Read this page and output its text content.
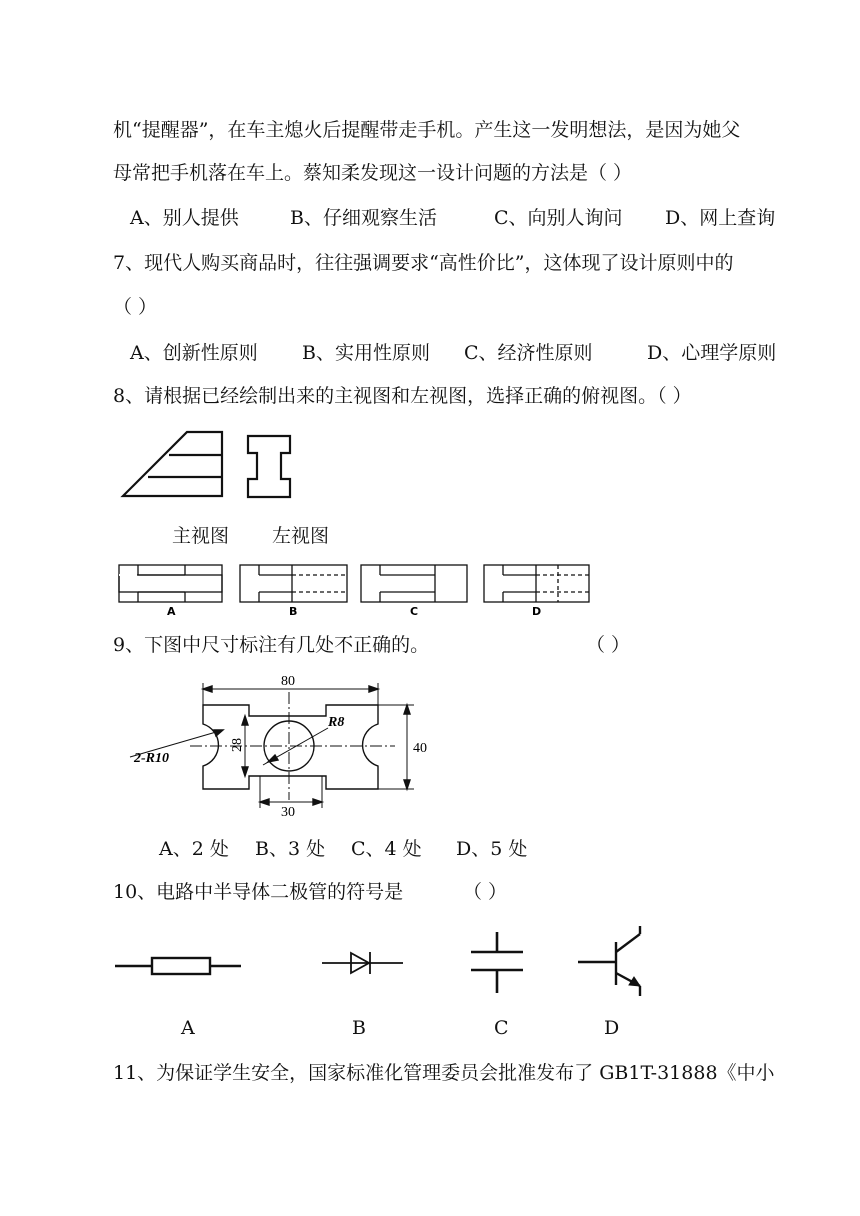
机“提醒器”，在车主熄火后提醒带走手机。产生这一发明想法，是因为她父
母常把手机落在车上。蔡知柔发现这一设计问题的方法是（ ）
A、别人提供	B、仔细观察生活	C、向别人询问 D、网上查询
7、现代人购买商品时，往往强调要求“高性价比”，这体现了设计原则中的
（ ）
A、创新性原则 B、实用性原则 C、经济性原则	D、心理学原则
8、请根据已经绘制出来的主视图和左视图，选择正确的俯视图。（ ）
A	B	C	D
80
40
28
R8
30
2-R10
主视图 左视图
9、下图中尺寸标注有几处不正确的。	（ ）
A、2 处 B、3 处 C、4 处 D、5 处
10、电路中半导体二极管的符号是	（ ）
A	B	C	D
11、为保证学生安全，国家标准化管理委员会批准发布了 GB1T-31888《中小
